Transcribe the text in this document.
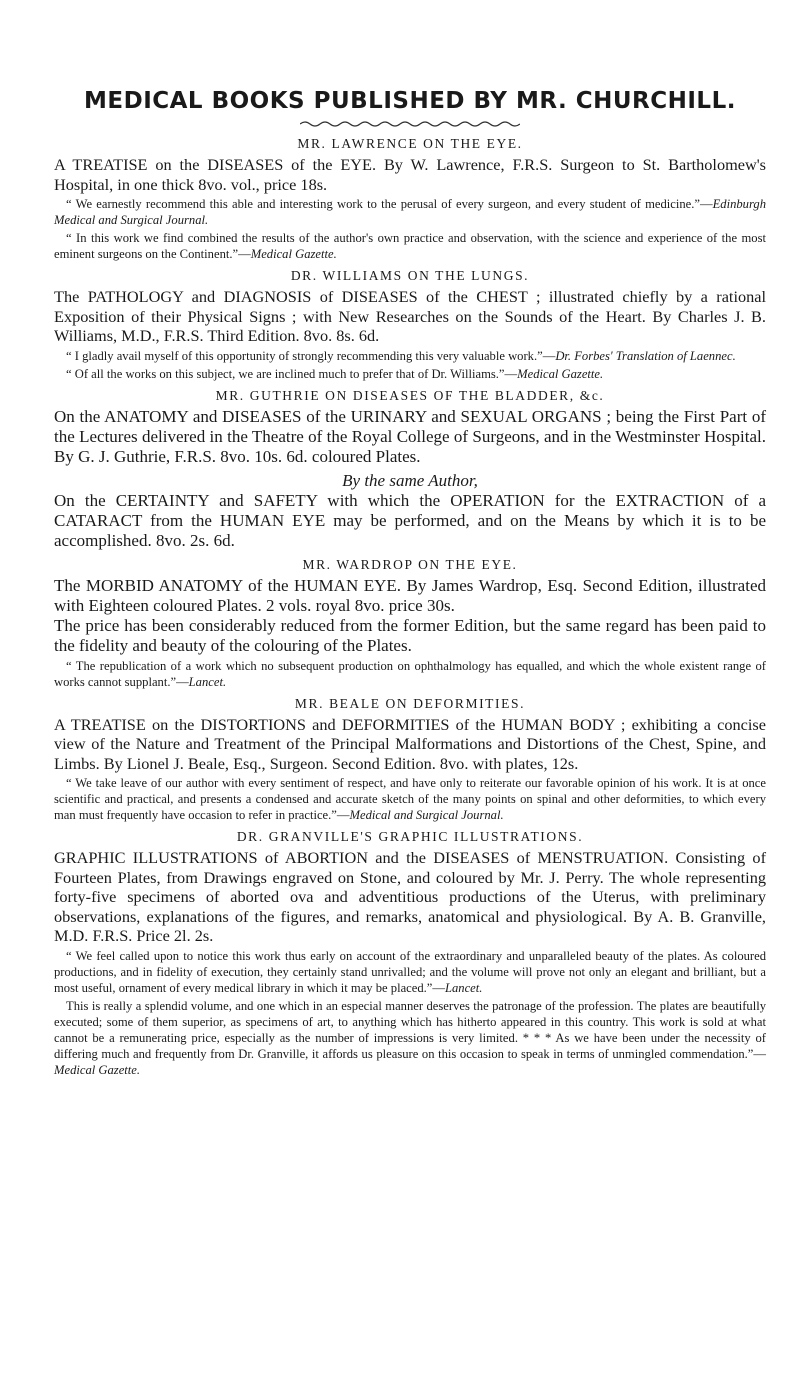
MEDICAL BOOKS PUBLISHED BY MR. CHURCHILL.
MR. LAWRENCE ON THE EYE.

A TREATISE on the DISEASES of the EYE. By W. Lawrence, F.R.S. Surgeon to St. Bartholomew's Hospital, in one thick 8vo. vol., price 18s.

“ We earnestly recommend this able and interesting work to the perusal of every surgeon, and every student of medicine.”—Edinburgh Medical and Surgical Journal.

“ In this work we find combined the results of the author's own practice and observation, with the science and experience of the most eminent surgeons on the Continent.”—Medical Gazette.

DR. WILLIAMS ON THE LUNGS.

The PATHOLOGY and DIAGNOSIS of DISEASES of the CHEST ; illustrated chiefly by a rational Exposition of their Physical Signs ; with New Researches on the Sounds of the Heart. By Charles J. B. Williams, M.D., F.R.S. Third Edition. 8vo. 8s. 6d.

“ I gladly avail myself of this opportunity of strongly recommending this very valuable work.”—Dr. Forbes' Translation of Laennec.

“ Of all the works on this subject, we are inclined much to prefer that of Dr. Williams.”—Medical Gazette.

MR. GUTHRIE ON DISEASES OF THE BLADDER, &c.

On the ANATOMY and DISEASES of the URINARY and SEXUAL ORGANS ; being the First Part of the Lectures delivered in the Theatre of the Royal College of Surgeons, and in the Westminster Hospital. By G. J. Guthrie, F.R.S. 8vo. 10s. 6d. coloured Plates.

By the same Author,

On the CERTAINTY and SAFETY with which the OPERATION for the EXTRACTION of a CATARACT from the HUMAN EYE may be performed, and on the Means by which it is to be accomplished. 8vo. 2s. 6d.

MR. WARDROP ON THE EYE.

The MORBID ANATOMY of the HUMAN EYE. By James Wardrop, Esq. Second Edition, illustrated with Eighteen coloured Plates. 2 vols. royal 8vo. price 30s.

The price has been considerably reduced from the former Edition, but the same regard has been paid to the fidelity and beauty of the colouring of the Plates.

“ The republication of a work which no subsequent production on ophthalmology has equalled, and which the whole existent range of works cannot supplant.”—Lancet.

MR. BEALE ON DEFORMITIES.

A TREATISE on the DISTORTIONS and DEFORMITIES of the HUMAN BODY ; exhibiting a concise view of the Nature and Treatment of the Principal Malformations and Distortions of the Chest, Spine, and Limbs. By Lionel J. Beale, Esq., Surgeon. Second Edition. 8vo. with plates, 12s.

“ We take leave of our author with every sentiment of respect, and have only to reiterate our favorable opinion of his work. It is at once scientific and practical, and presents a condensed and accurate sketch of the many points on spinal and other deformities, to which every man must frequently have occasion to refer in practice.”—Medical and Surgical Journal.

DR. GRANVILLE'S GRAPHIC ILLUSTRATIONS.

GRAPHIC ILLUSTRATIONS of ABORTION and the DISEASES of MENSTRUATION. Consisting of Fourteen Plates, from Drawings engraved on Stone, and coloured by Mr. J. Perry. The whole representing forty-five specimens of aborted ova and adventitious productions of the Uterus, with preliminary observations, explanations of the figures, and remarks, anatomical and physiological. By A. B. Granville, M.D. F.R.S. Price 2l. 2s.

“ We feel called upon to notice this work thus early on account of the extraordinary and unparalleled beauty of the plates. As coloured productions, and in fidelity of execution, they certainly stand unrivalled; and the volume will prove not only an elegant and brilliant, but a most useful, ornament of every medical library in which it may be placed.”—Lancet.

This is really a splendid volume, and one which in an especial manner deserves the patronage of the profession. The plates are beautifully executed; some of them superior, as specimens of art, to anything which has hitherto appeared in this country. This work is sold at what cannot be a remunerating price, especially as the number of impressions is very limited. * * * As we have been under the necessity of differing much and frequently from Dr. Granville, it affords us pleasure on this occasion to speak in terms of unmingled commendation.”—Medical Gazette.
